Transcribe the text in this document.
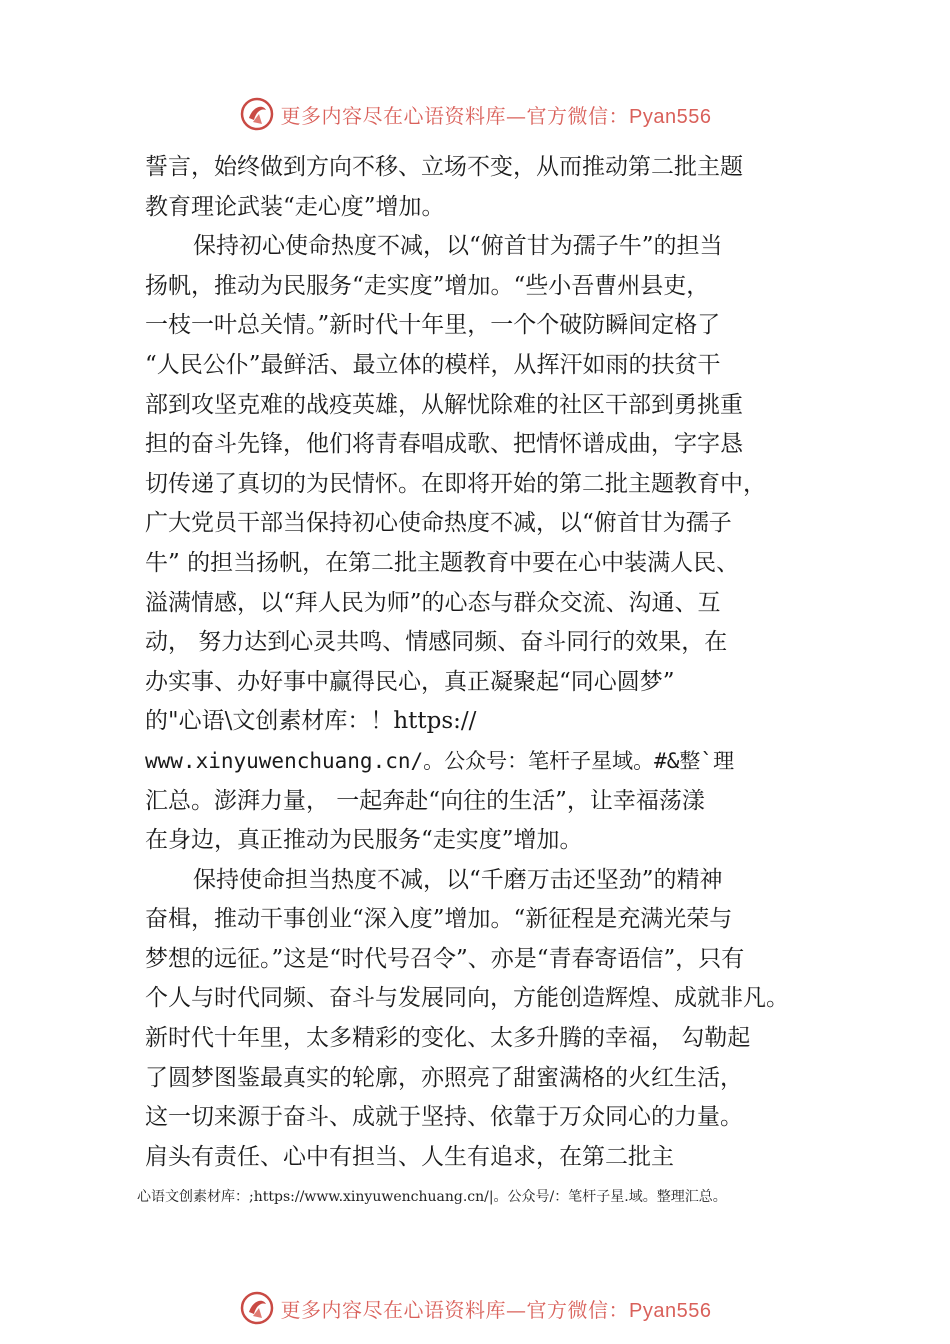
更多内容尽在心语资料库—官方微信：Pyan556

誓言，始终做到方向不移、立场不变，从而推动第二批主题

教育理论武装“走心度”增加。

保持初心使命热度不减，以“俯首甘为孺子牛”的担当

扬帆，推动为民服务“走实度”增加。“些小吾曹州县吏，

一枝一叶总关情。”新时代十年里，一个个破防瞬间定格了

“人民公仆”最鲜活、最立体的模样，从挥汗如雨的扶贫干

部到攻坚克难的战疫英雄，从解忧除难的社区干部到勇挑重

担的奋斗先锋，他们将青春唱成歌、把情怀谱成曲，字字恳

切传递了真切的为民情怀。在即将开始的第二批主题教育中，

广大党员干部当保持初心使命热度不减，以“俯首甘为孺子

牛” 的担当扬帆，在第二批主题教育中要在心中装满人民、

溢满情感，以“拜人民为师”的心态与群众交流、沟通、互

动， 努力达到心灵共鸣、情感同频、奋斗同行的效果，在

办实事、办好事中赢得民心，真正凝聚起“同心圆梦”

的"心语\文创素材库：！https://

www.xinyuwenchuang.cn/。公众号：笔杆子星域。#&整`理

汇总。澎湃力量， 一起奔赴“向往的生活”，让幸福荡漾

在身边，真正推动为民服务“走实度”增加。

保持使命担当热度不减，以“千磨万击还坚劲”的精神

奋楫，推动干事创业“深入度”增加。“新征程是充满光荣与

梦想的远征。”这是“时代号召令”、亦是“青春寄语信”，只有

个人与时代同频、奋斗与发展同向，方能创造辉煌、成就非凡。

新时代十年里，太多精彩的变化、太多升腾的幸福， 勾勒起

了圆梦图鉴最真实的轮廓，亦照亮了甜蜜满格的火红生活，

这一切来源于奋斗、成就于坚持、依靠于万众同心的力量。

肩头有责任、心中有担当、人生有追求，在第二批主

心语文创素材库：;https://www.xinyuwenchuang.cn/|。公众号/：笔杆子星.域。整理汇总。
更多内容尽在心语资料库—官方微信：Pyan556
